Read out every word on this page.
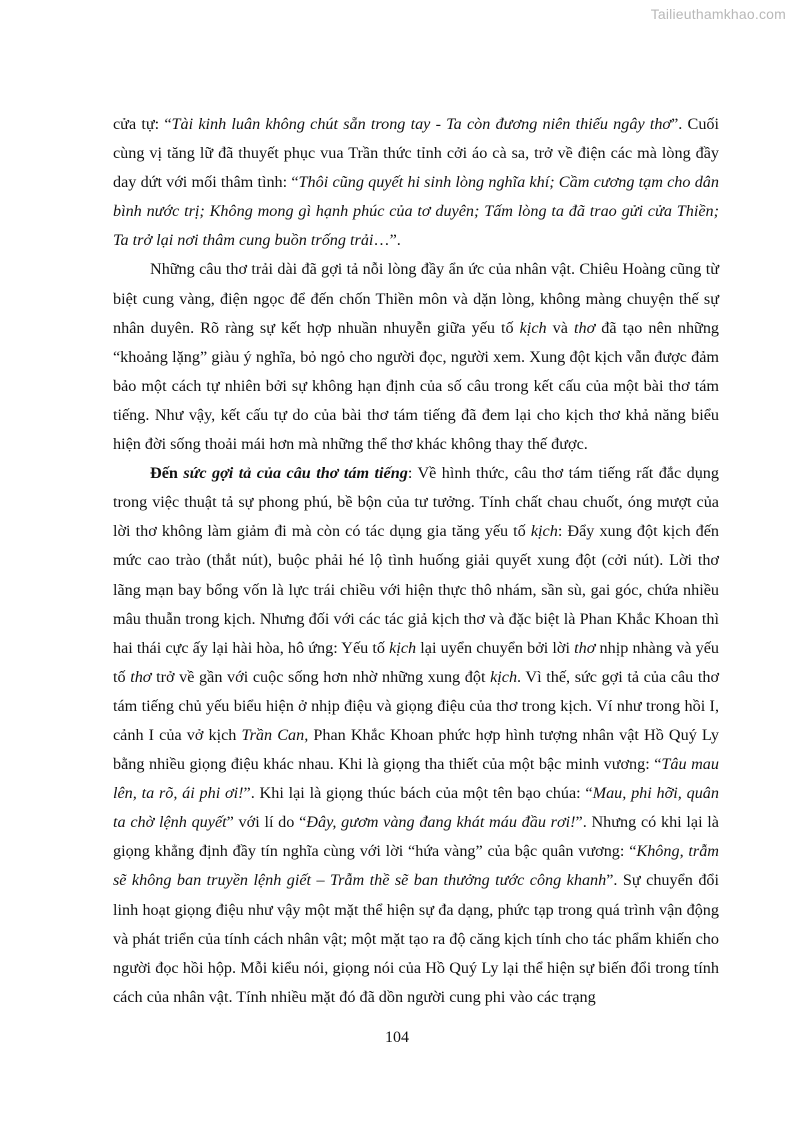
Tailieuthamkhao.com

cửa tự: “Tài kinh luân không chút sẵn trong tay - Ta còn đương niên thiếu ngây thơ”. Cuối cùng vị tăng lữ đã thuyết phục vua Trần thức tỉnh cởi áo cà sa, trở về điện các mà lòng đầy day dứt với mối thâm tình: “Thôi cũng quyết hi sinh lòng nghĩa khí; Cầm cương tạm cho dân bình nước trị; Không mong gì hạnh phúc của tơ duyên; Tấm lòng ta đã trao gửi cửa Thiền; Ta trở lại nơi thâm cung buồn trống trải…”.

Những câu thơ trải dài đã gợi tả nỗi lòng đầy ẩn ức của nhân vật. Chiêu Hoàng cũng từ biệt cung vàng, điện ngọc để đến chốn Thiền môn và dặn lòng, không màng chuyện thế sự nhân duyên. Rõ ràng sự kết hợp nhuần nhuyễn giữa yếu tố kịch và thơ đã tạo nên những “khoảng lặng” giàu ý nghĩa, bỏ ngỏ cho người đọc, người xem. Xung đột kịch vẫn được đảm bảo một cách tự nhiên bởi sự không hạn định của số câu trong kết cấu của một bài thơ tám tiếng. Như vậy, kết cấu tự do của bài thơ tám tiếng đã đem lại cho kịch thơ khả năng biểu hiện đời sống thoải mái hơn mà những thể thơ khác không thay thế được.

Đến sức gợi tả của câu thơ tám tiếng: Về hình thức, câu thơ tám tiếng rất đắc dụng trong việc thuật tả sự phong phú, bề bộn của tư tưởng. Tính chất chau chuốt, óng mượt của lời thơ không làm giảm đi mà còn có tác dụng gia tăng yếu tố kịch: Đẩy xung đột kịch đến mức cao trào (thắt nút), buộc phải hé lộ tình huống giải quyết xung đột (cởi nút). Lời thơ lãng mạn bay bổng vốn là lực trái chiều với hiện thực thô nhám, sần sù, gai góc, chứa nhiều mâu thuẫn trong kịch. Nhưng đối với các tác giả kịch thơ và đặc biệt là Phan Khắc Khoan thì hai thái cực ấy lại hài hòa, hô ứng: Yếu tố kịch lại uyển chuyển bởi lời thơ nhịp nhàng và yếu tố thơ trở về gần với cuộc sống hơn nhờ những xung đột kịch. Vì thế, sức gợi tả của câu thơ tám tiếng chủ yếu biểu hiện ở nhịp điệu và giọng điệu của thơ trong kịch. Ví như trong hồi I, cảnh I của vở kịch Trần Can, Phan Khắc Khoan phức hợp hình tượng nhân vật Hồ Quý Ly bằng nhiều giọng điệu khác nhau. Khi là giọng tha thiết của một bậc minh vương: “Tâu mau lên, ta rõ, ái phi ơi!”. Khi lại là giọng thúc bách của một tên bạo chúa: “Mau, phi hỡi, quân ta chờ lệnh quyết” với lí do “Đây, gươm vàng đang khát máu đầu rơi!”. Nhưng có khi lại là giọng khẳng định đầy tín nghĩa cùng với lời “hứa vàng” của bậc quân vương: “Không, trẫm sẽ không ban truyền lệnh giết – Trẫm thề sẽ ban thưởng tước công khanh”. Sự chuyển đổi linh hoạt giọng điệu như vậy một mặt thể hiện sự đa dạng, phức tạp trong quá trình vận động và phát triển của tính cách nhân vật; một mặt tạo ra độ căng kịch tính cho tác phẩm khiến cho người đọc hồi hộp. Mỗi kiểu nói, giọng nói của Hồ Quý Ly lại thể hiện sự biến đổi trong tính cách của nhân vật. Tính nhiều mặt đó đã dồn người cung phi vào các trạng

104
